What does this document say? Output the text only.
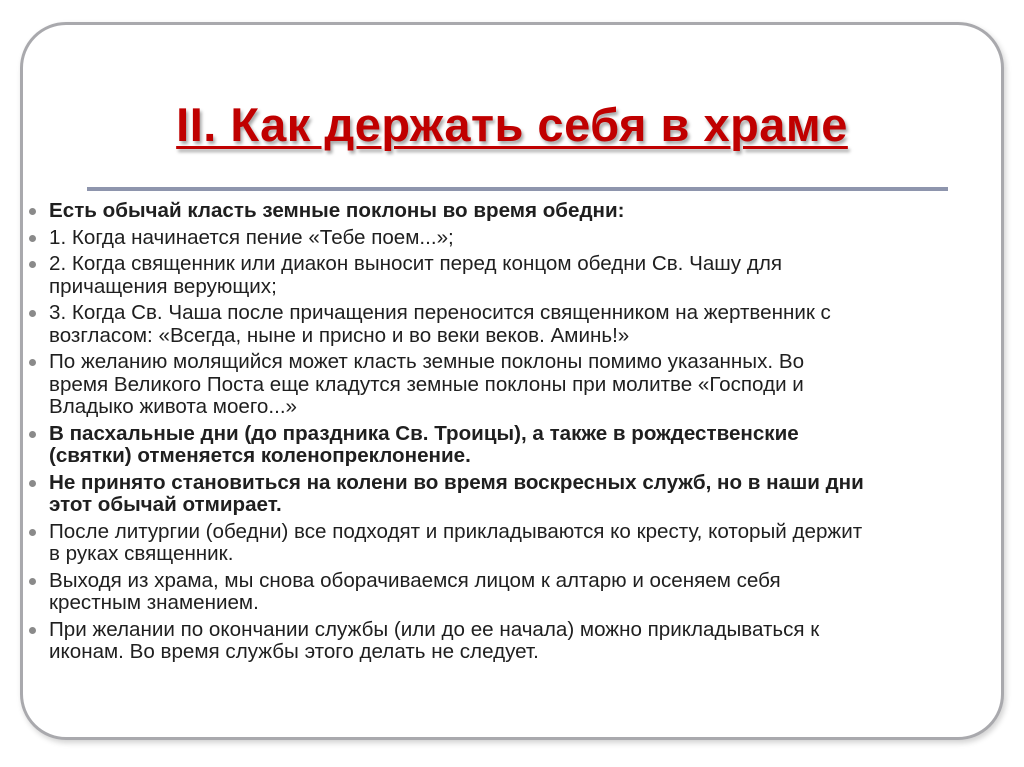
II. Как держать себя в храме
Есть обычай класть земные поклоны во время обедни:
1. Когда начинается пение «Тебе поем...»;
2. Когда священник или диакон выносит перед концом обедни Св. Чашу для
причащения верующих;
3. Когда Св. Чаша после причащения переносится священником на жертвенник с
возгласом: «Всегда, ныне и присно и во веки веков. Аминь!»
По желанию молящийся может класть земные поклоны помимо указанных. Во
время Великого Поста еще кладутся земные поклоны при молитве «Господи и
Владыко живота моего...»
В пасхальные дни (до праздника Св. Троицы), а также в рождественские
(святки) отменяется коленопреклонение.
Не принято становиться на колени во время воскресных служб, но в наши дни
этот обычай отмирает.
После литургии (обедни) все подходят и прикладываются ко кресту, который держит
в руках священник.
Выходя из храма, мы снова оборачиваемся лицом к алтарю и осеняем себя
крестным знамением.
При желании по окончании службы (или до ее начала) можно прикладываться к
иконам. Во время службы этого делать не следует.
